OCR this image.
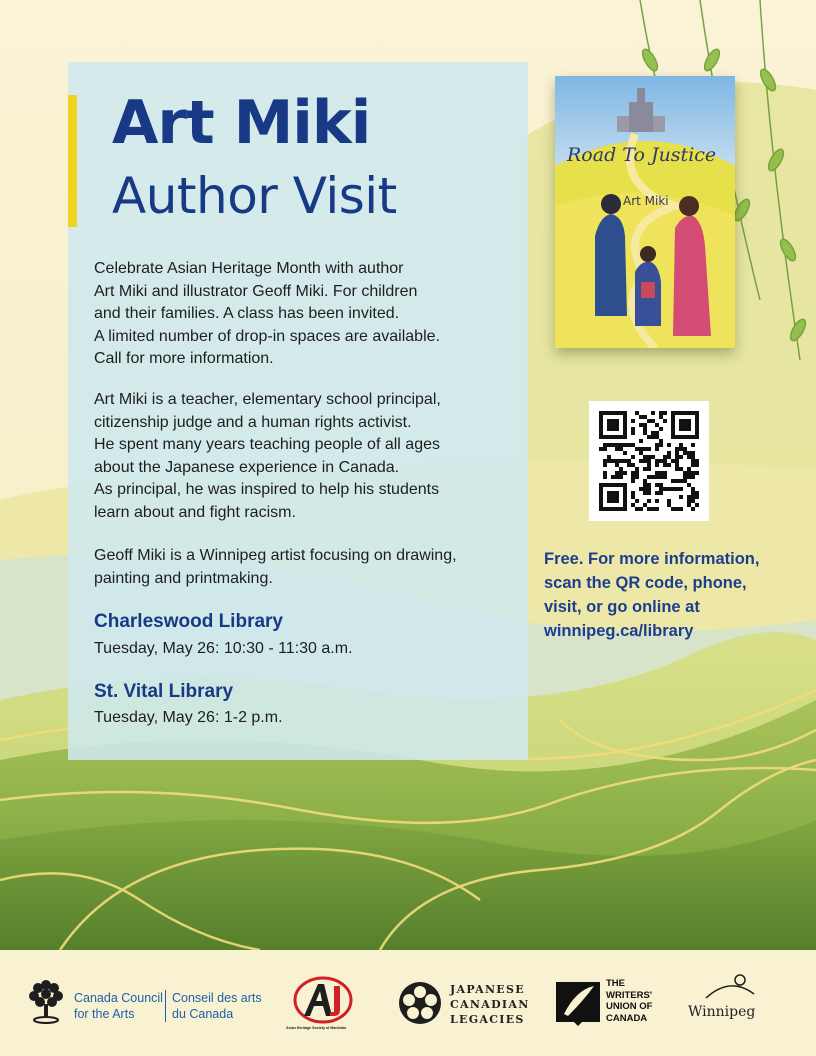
Art Miki
Author Visit
Celebrate Asian Heritage Month with author
Art Miki and illustrator Geoff Miki. For children
and their families. A class has been invited.
A limited number of drop-in spaces are available.
Call for more information.
Art Miki is a teacher, elementary school principal,
citizenship judge and a human rights activist.
He spent many years teaching people of all ages
about the Japanese experience in Canada.
As principal, he was inspired to help his students
learn about and fight racism.
Geoff Miki is a Winnipeg artist focusing on drawing,
painting and printmaking.
Charleswood Library
Tuesday, May 26: 10:30 - 11:30 a.m.
St. Vital Library
Tuesday, May 26: 1-2 p.m.
Road To Justice
Art Miki
Free. For more information,
scan the QR code, phone,
visit, or go online at
winnipeg.ca/library
Canada Council
for the Arts
Conseil des arts
du Canada
Asian Heritage Society of Manitoba
JAPANESE
CANADIAN
LEGACIES
THE
WRITERS'
UNION OF
CANADA	Winnipeg
